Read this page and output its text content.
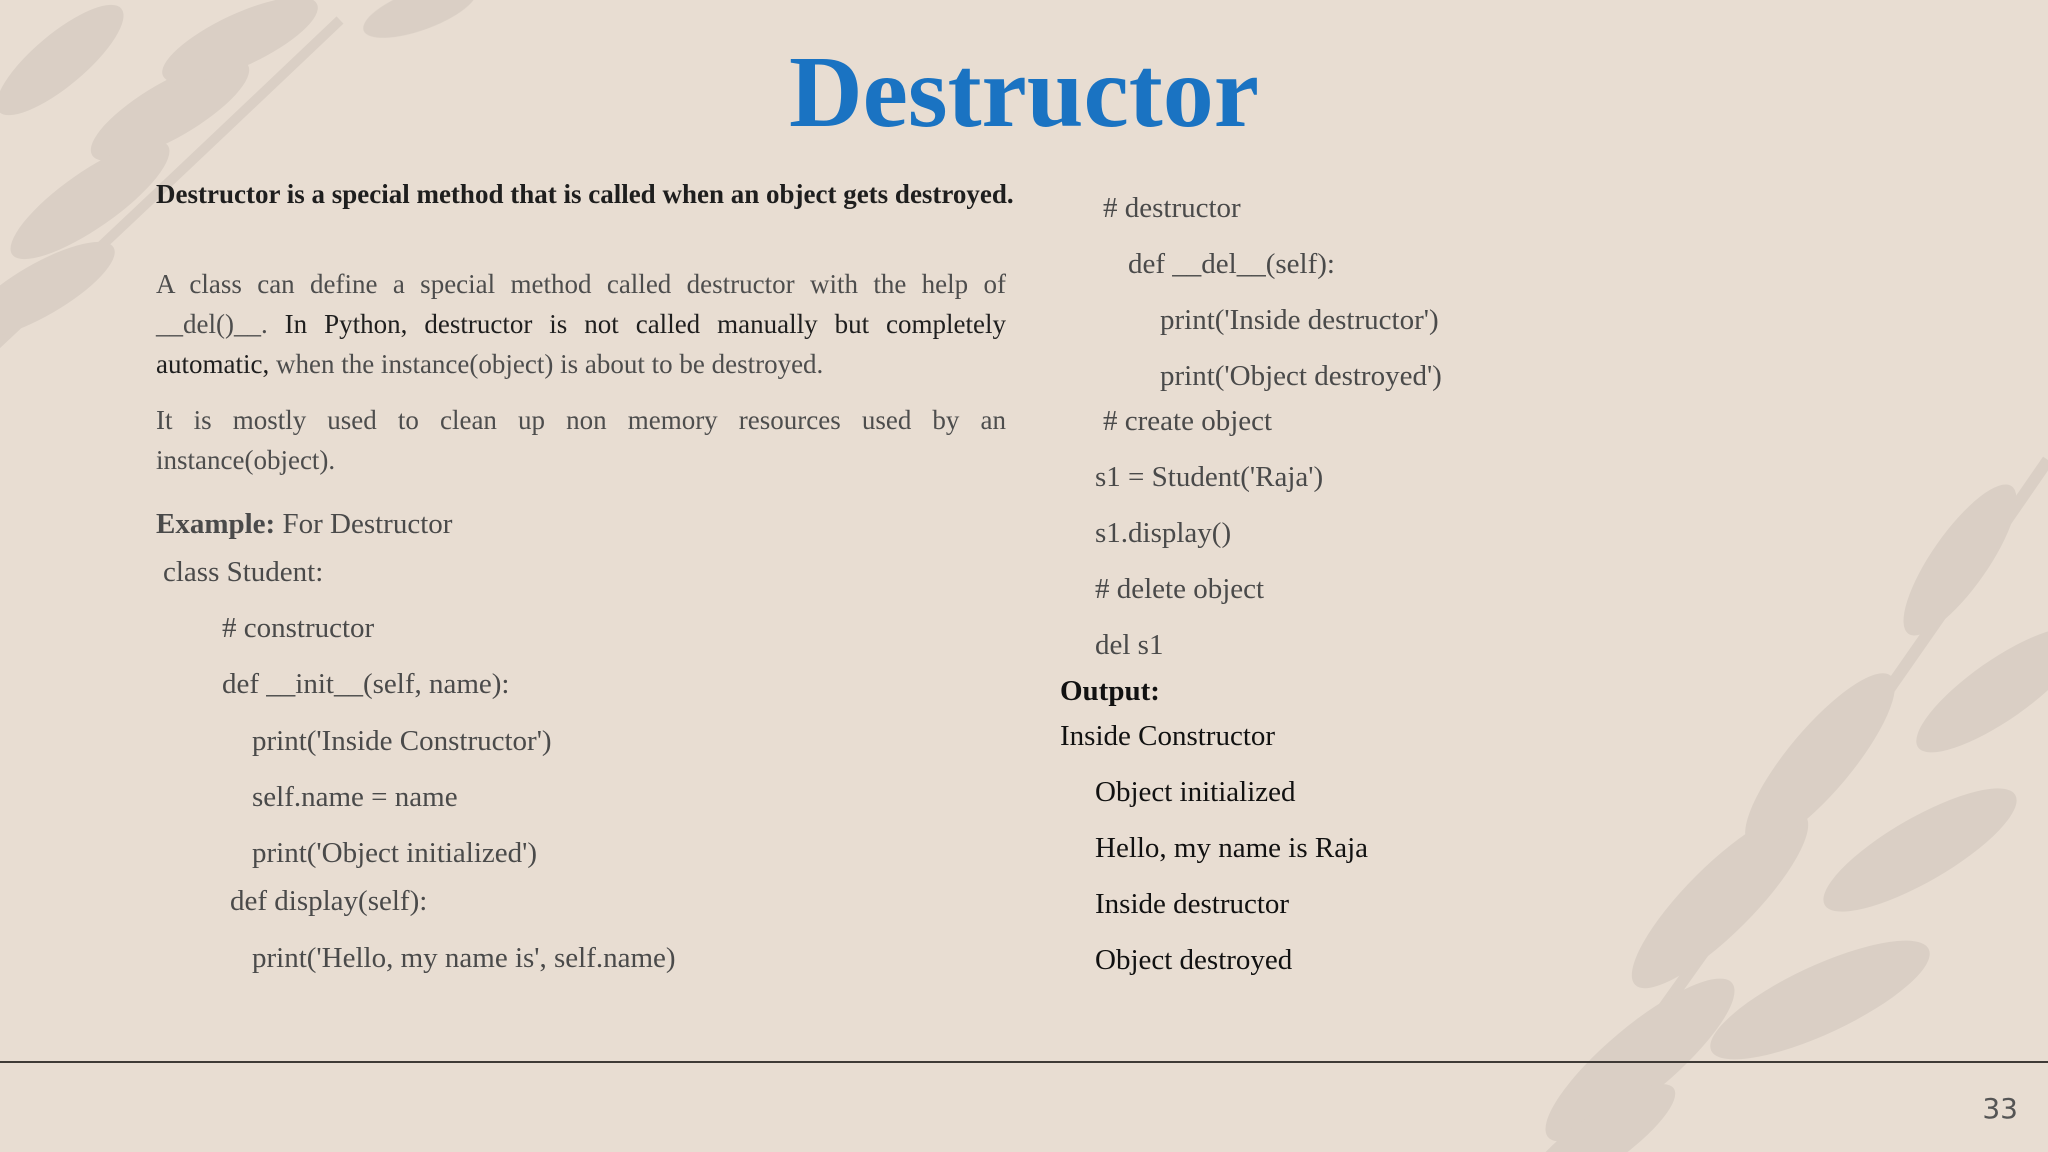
Destructor
Destructor is a special method that is called when an object gets destroyed.
A class can define a special method called destructor with the help of __del()__. In Python, destructor is not called manually but completely automatic, when the instance(object) is about to be destroyed.
It is mostly used to clean up non memory resources used by an instance(object).
Example: For Destructor
class Student:
# constructor
def __init__(self, name):
print('Inside Constructor')
self.name = name
print('Object initialized')
def display(self):
print('Hello, my name is', self.name)
# destructor
def __del__(self):
print('Inside destructor')
print('Object destroyed')
# create object
s1 = Student('Raja')
s1.display()
# delete object
del s1
Output:
Inside Constructor
Object initialized
Hello, my name is Raja
Inside destructor
Object destroyed
33
